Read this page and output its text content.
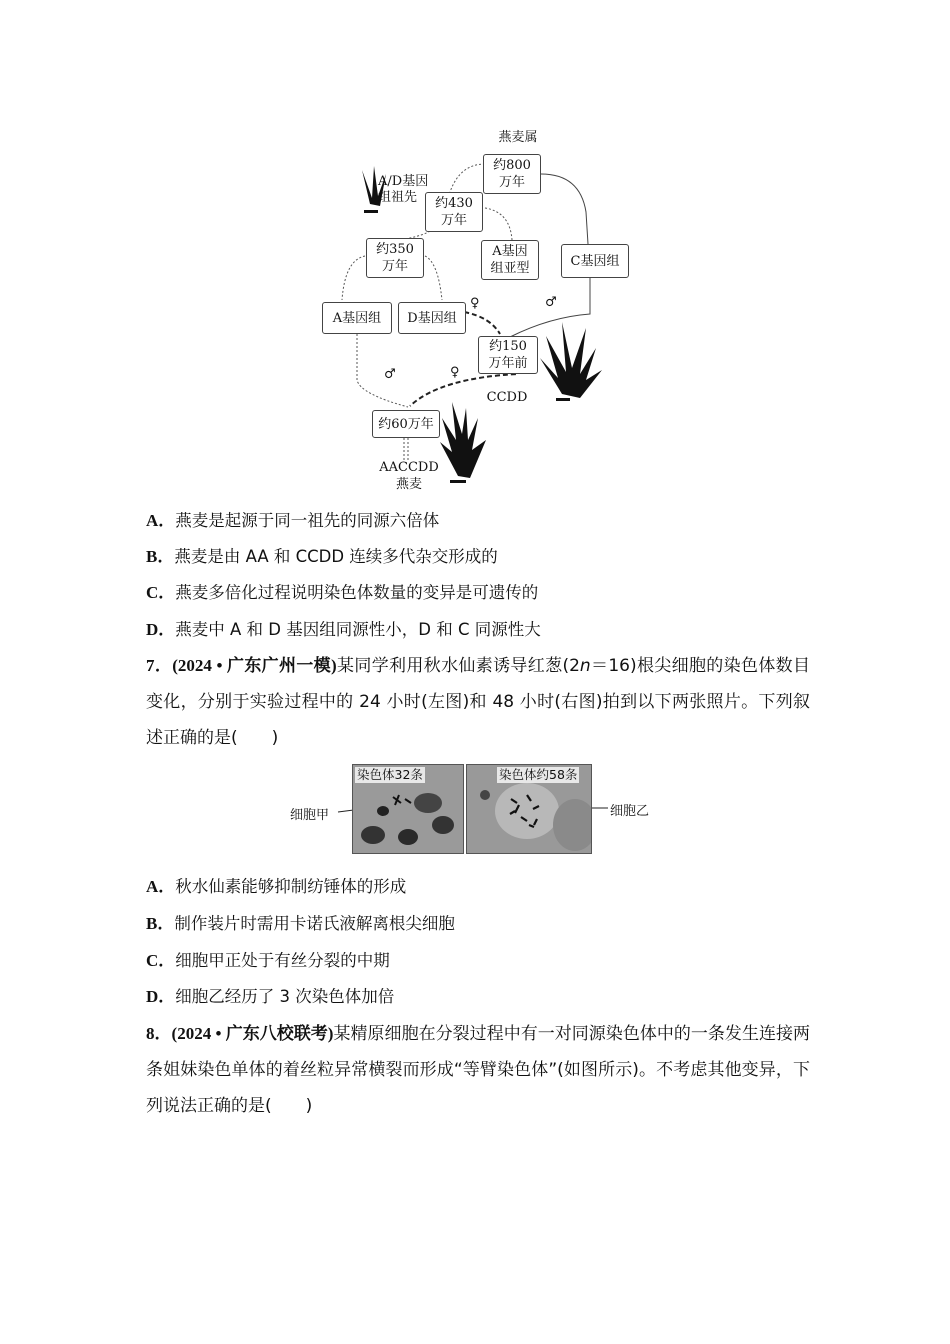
燕麦属
约800
万年
A/D基因
组祖先	约430
万年
约350
万年
A基因
组亚型	C基因组
A基因组	D基因组
♀	♂
约150
万年前
CCDD
♂	♀
约60万年
AACCDD
燕麦
A．燕麦是起源于同一祖先的同源六倍体
B．燕麦是由 AA 和 CCDD 连续多代杂交形成的
C．燕麦多倍化过程说明染色体数量的变异是可遗传的
D．燕麦中 A 和 D 基因组同源性小，D 和 C 同源性大
7．(2024 • 广东广州一模)某同学利用秋水仙素诱导红葱(2n＝16)根尖细胞的染色体数目变化，分别于实验过程中的 24 小时(左图)和 48 小时(右图)拍到以下两张照片。下列叙述正确的是(　　)
细胞甲
染色体32条	染色体约58条
细胞乙
A．秋水仙素能够抑制纺锤体的形成
B．制作装片时需用卡诺氏液解离根尖细胞
C．细胞甲正处于有丝分裂的中期
D．细胞乙经历了 3 次染色体加倍
8．(2024 • 广东八校联考)某精原细胞在分裂过程中有一对同源染色体中的一条发生连接两条姐妹染色单体的着丝粒异常横裂而形成“等臂染色体”(如图所示)。不考虑其他变异，下列说法正确的是(　　)
